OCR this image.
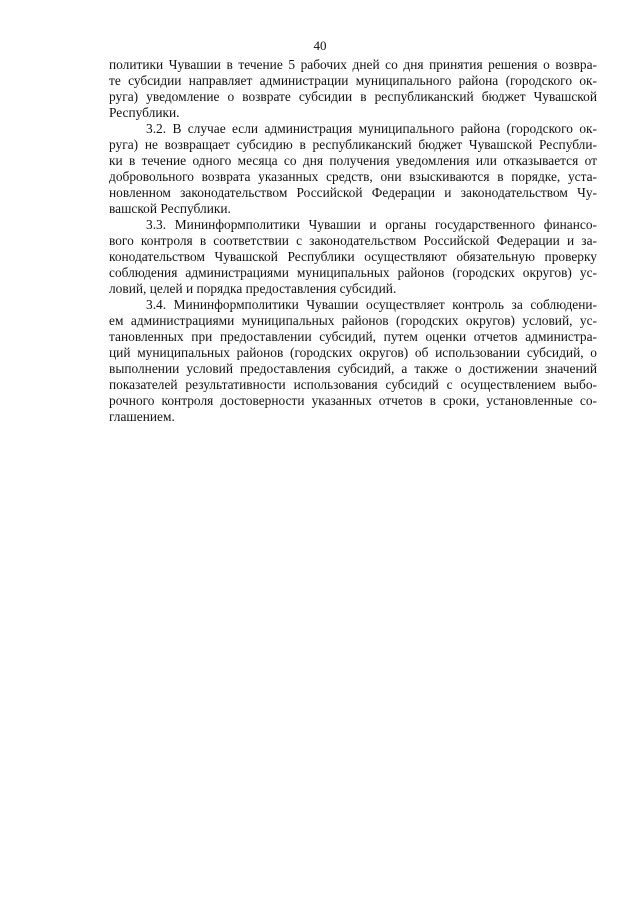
40
политики Чувашии в течение 5 рабочих дней со дня принятия решения о возвра-
те субсидии направляет администрации муниципального района (городского ок-
руга) уведомление о возврате субсидии в республиканский бюджет Чувашской
Республики.
3.2. В случае если администрация муниципального района (городского ок-
руга) не возвращает субсидию в республиканский бюджет Чувашской Республи-
ки в течение одного месяца со дня получения уведомления или отказывается от
добровольного возврата указанных средств, они взыскиваются в порядке, уста-
новленном законодательством Российской Федерации и законодательством Чу-
вашской Республики.
3.3. Мининформполитики Чувашии и органы государственного финансо-
вого контроля в соответствии с законодательством Российской Федерации и за-
конодательством Чувашской Республики осуществляют обязательную проверку
соблюдения администрациями муниципальных районов (городских округов) ус-
ловий, целей и порядка предоставления субсидий.
3.4. Мининформполитики Чувашии осуществляет контроль за соблюдени-
ем администрациями муниципальных районов (городских округов) условий, ус-
тановленных при предоставлении субсидий, путем оценки отчетов администра-
ций муниципальных районов (городских округов) об использовании субсидий, о
выполнении условий предоставления субсидий, а также о достижении значений
показателей результативности использования субсидий с осуществлением выбо-
рочного контроля достоверности указанных отчетов в сроки, установленные со-
глашением.
